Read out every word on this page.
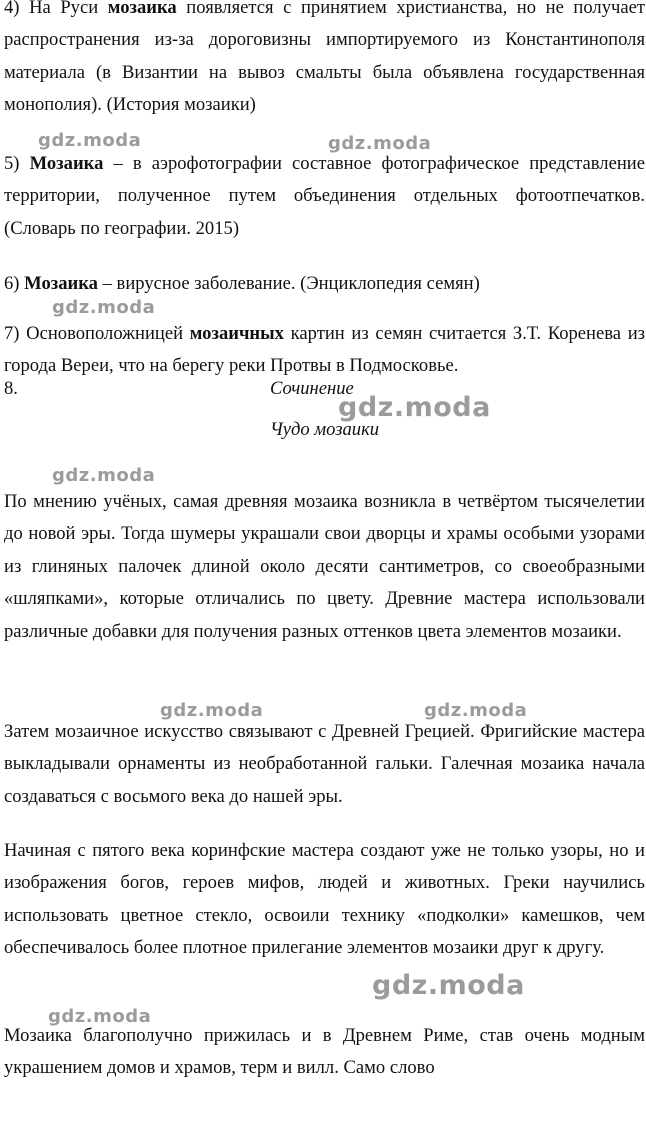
4) На Руси мозаика появляется с принятием христианства, но не получает распространения из-за дороговизны импортируемого из Константинополя материала (в Византии на вывоз смальты была объявлена государственная монополия). (История мозаики)

5) Мозаика – в аэрофотографии составное фотографическое представление территории, полученное путем объединения отдельных фотоотпечатков. (Словарь по географии. 2015)

6) Мозаика – вирусное заболевание. (Энциклопедия семян)

7) Основоположницей мозаичных картин из семян считается З.Т. Коренева из города Вереи, что на берегу реки Протвы в Подмосковье.

8.	Сочинение

Чудо мозаики

По мнению учёных, самая древняя мозаика возникла в четвёртом тысячелетии до новой эры. Тогда шумеры украшали свои дворцы и храмы особыми узорами из глиняных палочек длиной около десяти сантиметров, со своеобразными «шляпками», которые отличались по цвету. Древние мастера использовали различные добавки для получения разных оттенков цвета элементов мозаики.

Затем мозаичное искусство связывают с Древней Грецией. Фригийские мастера выкладывали орнаменты из необработанной гальки. Галечная мозаика начала создаваться с восьмого века до нашей эры.

Начиная с пятого века коринфские мастера создают уже не только узоры, но и изображения богов, героев мифов, людей и животных. Греки научились использовать цветное стекло, освоили технику «подколки» камешков, чем обеспечивалось более плотное прилегание элементов мозаики друг к другу.

Мозаика благополучно прижилась и в Древнем Риме, став очень модным украшением домов и храмов, терм и вилл. Само слово

gdz.moda	gdz.moda
gdz.moda
gdz.moda
gdz.moda
gdz.moda	gdz.moda
gdz.moda
gdz.moda
